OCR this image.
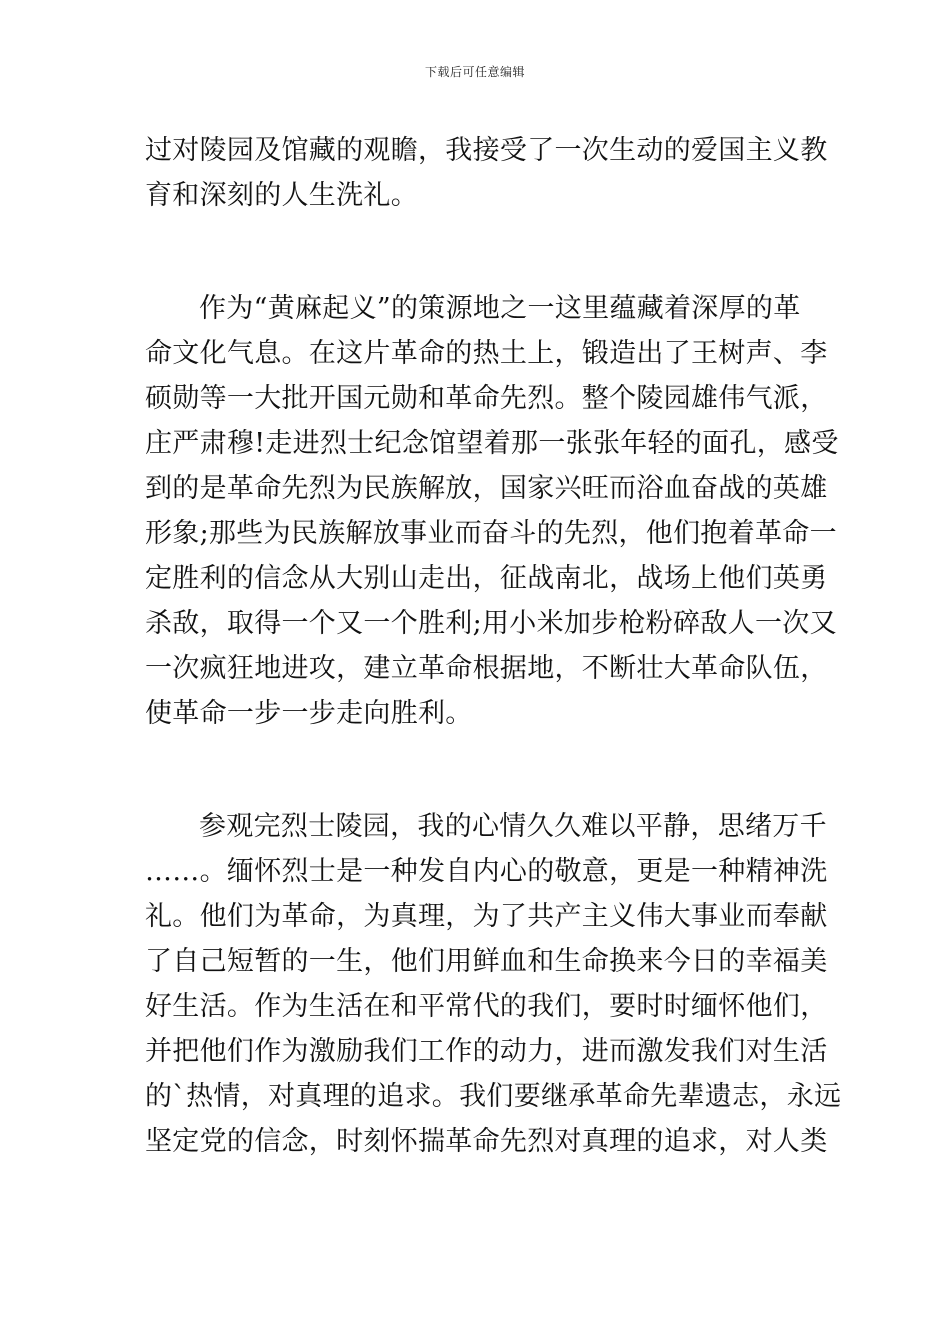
下载后可任意编辑
过对陵园及馆藏的观瞻，我接受了一次生动的爱国主义教
育和深刻的人生洗礼。
作为“黄麻起义”的策源地之一这里蕴藏着深厚的革
命文化气息。在这片革命的热土上，锻造出了王树声、李
硕勋等一大批开国元勋和革命先烈。整个陵园雄伟气派，
庄严肃穆!走进烈士纪念馆望着那一张张年轻的面孔，感受
到的是革命先烈为民族解放，国家兴旺而浴血奋战的英雄
形象;那些为民族解放事业而奋斗的先烈，他们抱着革命一
定胜利的信念从大别山走出，征战南北，战场上他们英勇
杀敌，取得一个又一个胜利;用小米加步枪粉碎敌人一次又
一次疯狂地进攻，建立革命根据地，不断壮大革命队伍，
使革命一步一步走向胜利。
参观完烈士陵园，我的心情久久难以平静，思绪万千
……。缅怀烈士是一种发自内心的敬意，更是一种精神洗
礼。他们为革命，为真理，为了共产主义伟大事业而奉献
了自己短暂的一生，他们用鲜血和生命换来今日的幸福美
好生活。作为生活在和平常代的我们，要时时缅怀他们，
并把他们作为激励我们工作的动力，进而激发我们对生活
的`热情，对真理的追求。我们要继承革命先辈遗志，永远
坚定党的信念，时刻怀揣革命先烈对真理的追求，对人类
